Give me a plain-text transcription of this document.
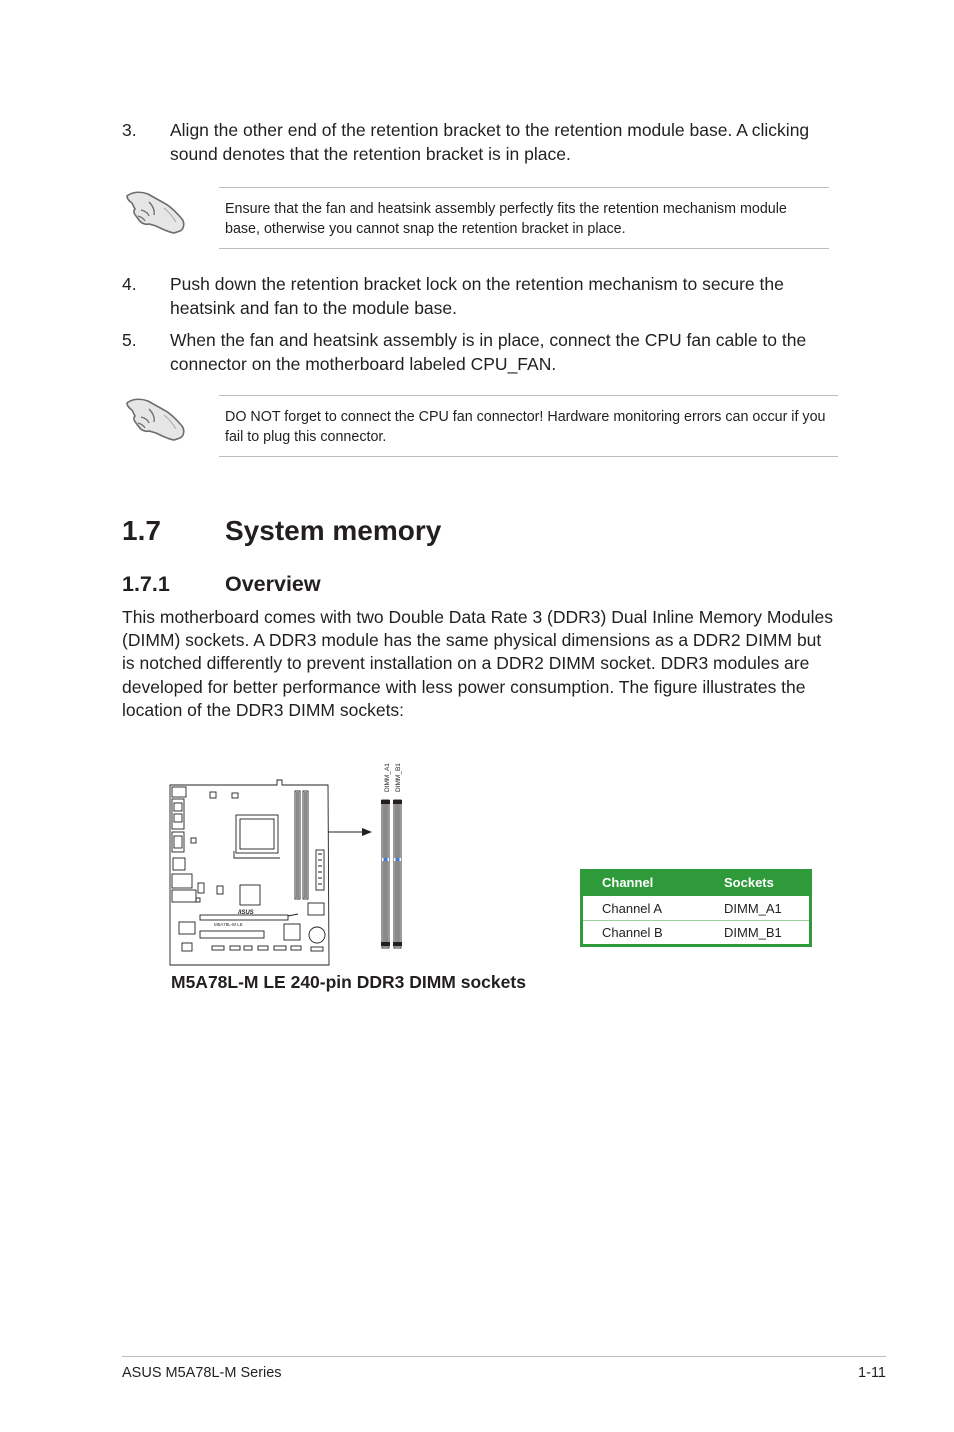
3. Align the other end of the retention bracket to the retention module base. A clicking sound denotes that the retention bracket is in place.
Ensure that the fan and heatsink assembly perfectly fits the retention mechanism module base, otherwise you cannot snap the retention bracket in place.
4. Push down the retention bracket lock on the retention mechanism to secure the heatsink and fan to the module base.
5. When the fan and heatsink assembly is in place, connect the CPU fan cable to the connector on the motherboard labeled CPU_FAN.
DO NOT forget to connect the CPU fan connector! Hardware monitoring errors can occur if you fail to plug this connector.
1.7 System memory
1.7.1	Overview
This motherboard comes with two Double Data Rate 3 (DDR3) Dual Inline Memory Modules (DIMM) sockets. A DDR3 module has the same physical dimensions as a DDR2 DIMM but is notched differently to prevent installation on a DDR2 DIMM socket. DDR3 modules are developed for better performance with less power consumption. The figure illustrates the location of the DDR3 DIMM sockets:
DIMM_A1 DIMM_B1
/ISUS
M5A78L-M LE
M5A78L-M LE 240-pin DDR3 DIMM sockets
Channel	Sockets
Channel A	DIMM_A1
Channel B	DIMM_B1
ASUS M5A78L-M Series	1-11
